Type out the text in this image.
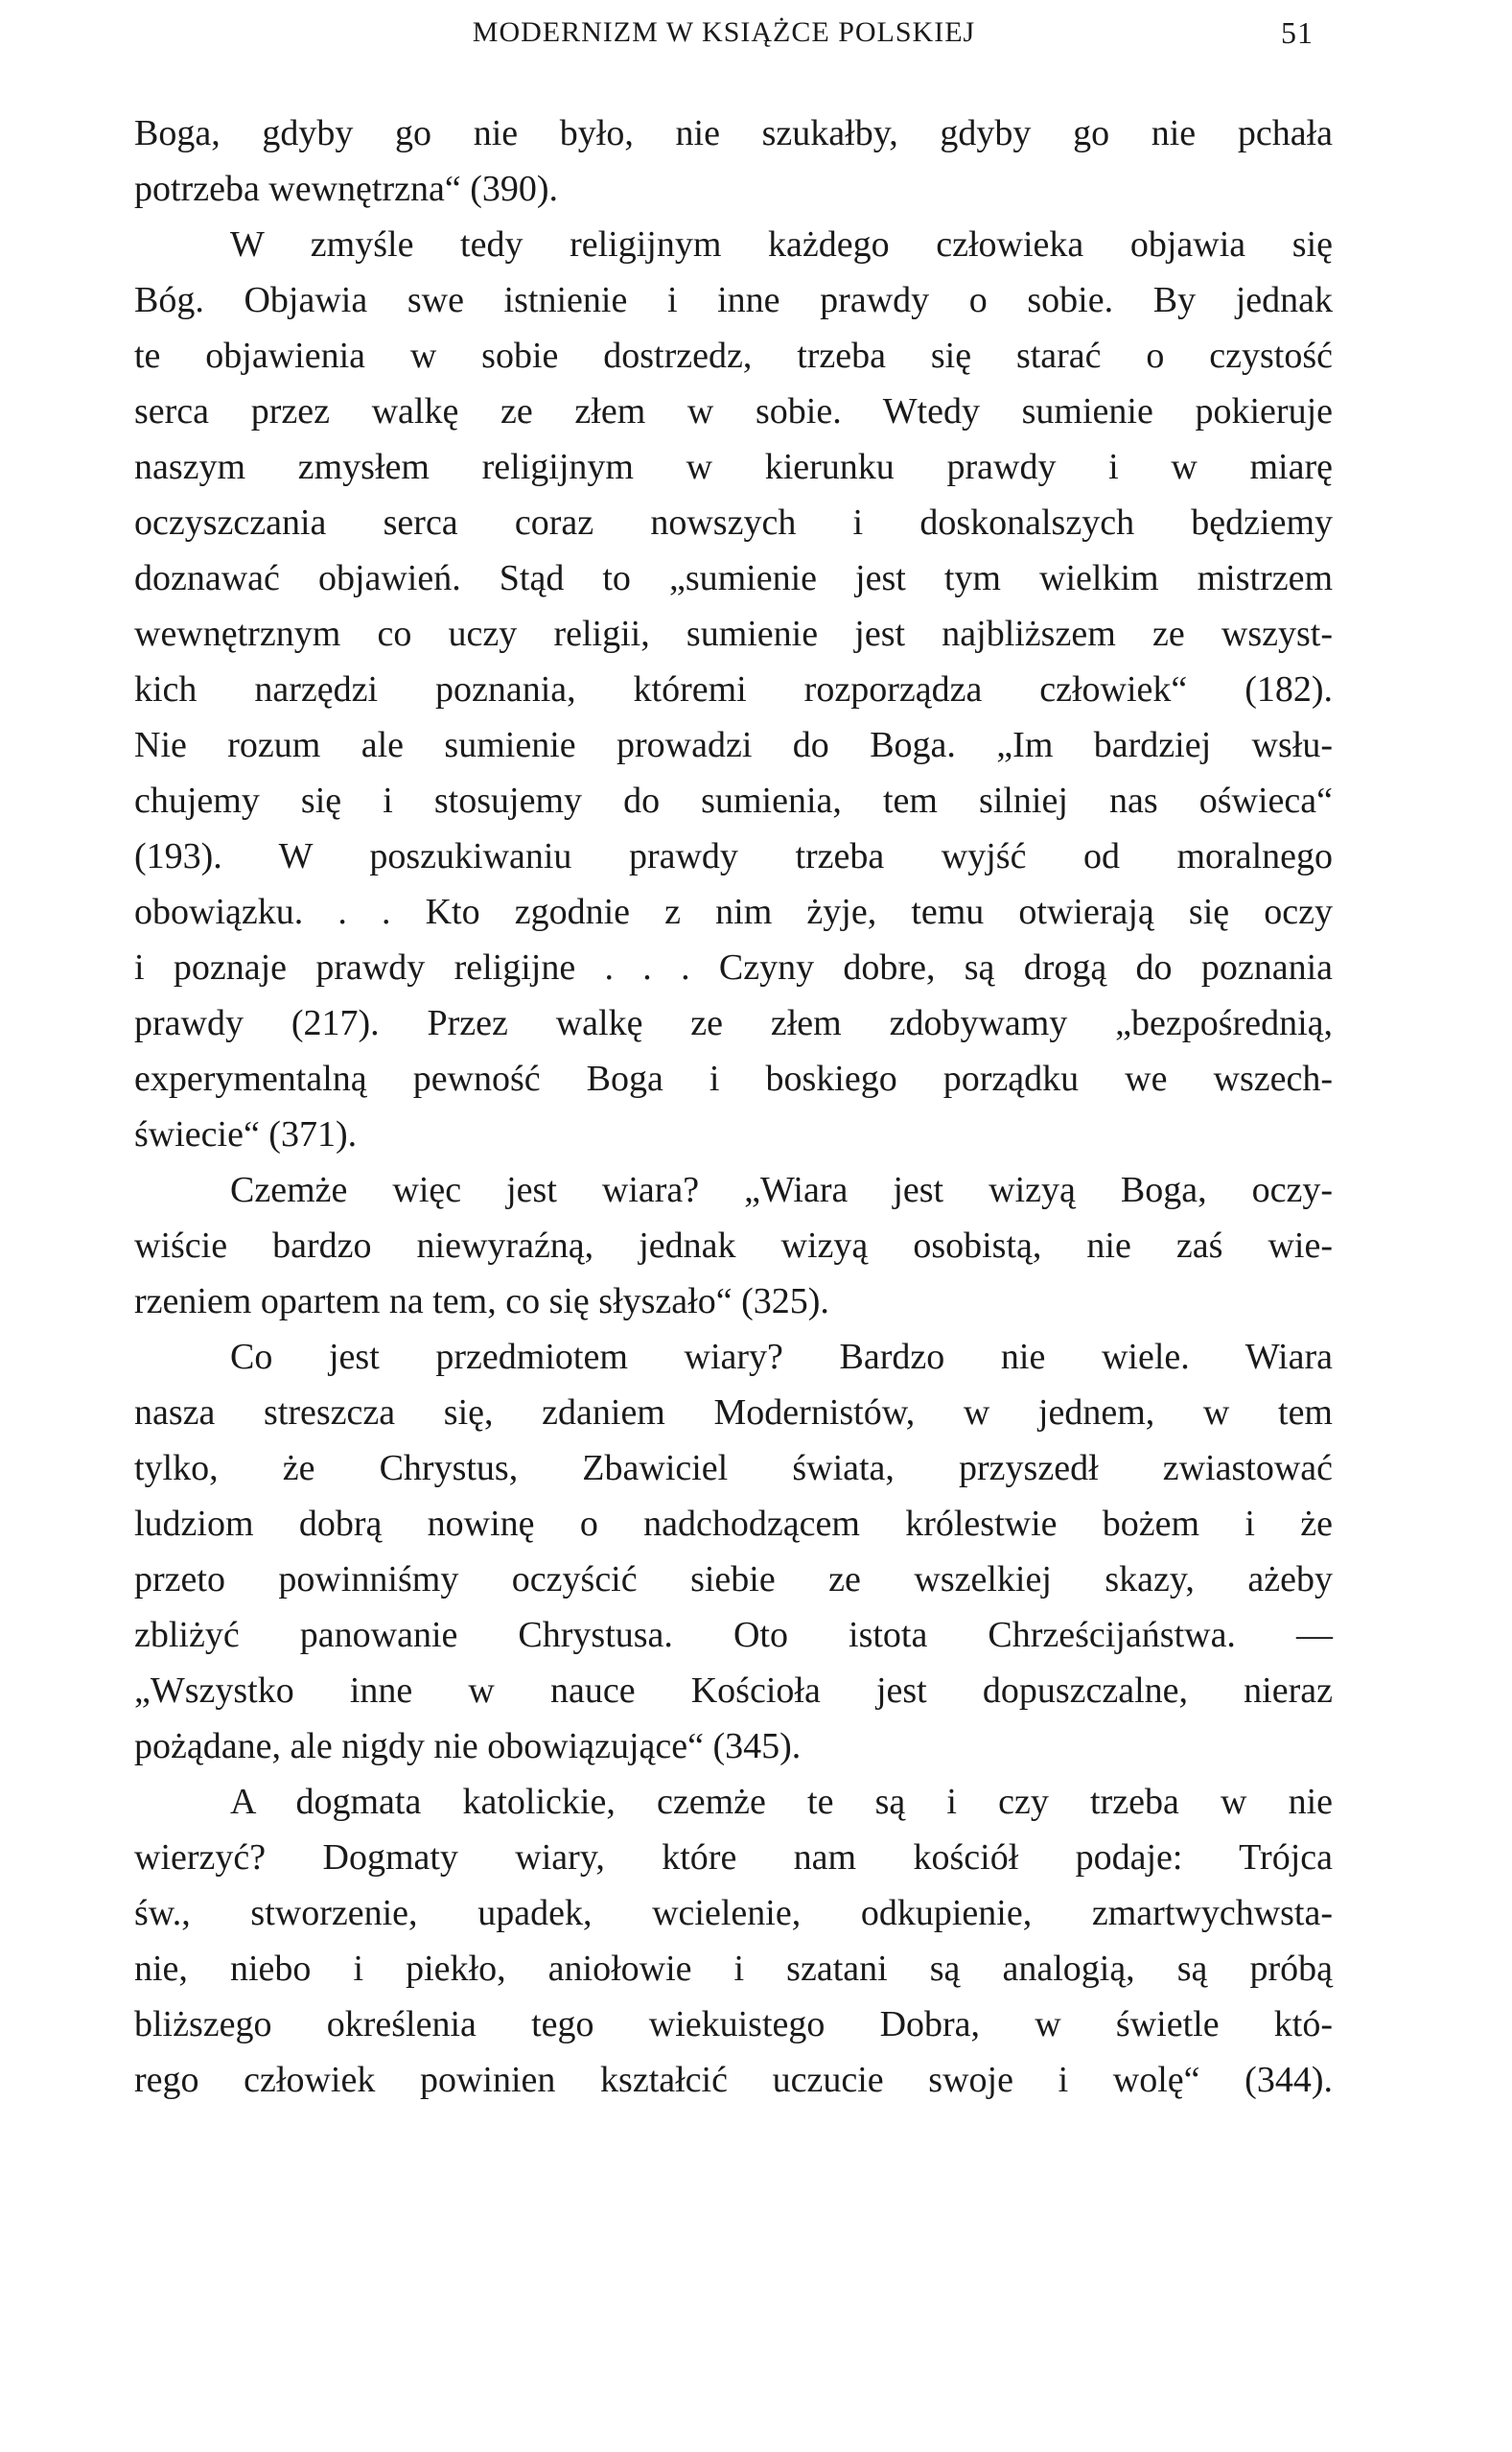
MODERNIZM W KSIĄŻCE POLSKIEJ	51
Boga, gdyby go nie było, nie szukałby, gdyby go nie pchała
potrzeba wewnętrzna“ (390).
W zmyśle tedy religijnym każdego człowieka objawia się
Bóg. Objawia swe istnienie i inne prawdy o sobie. By jednak
te objawienia w sobie dostrzedz, trzeba się starać o czystość
serca przez walkę ze złem w sobie. Wtedy sumienie pokieruje
naszym zmysłem religijnym w kierunku prawdy i w miarę
oczyszczania serca coraz nowszych i doskonalszych będziemy
doznawać objawień. Stąd to „sumienie jest tym wielkim mistrzem
wewnętrznym co uczy religii, sumienie jest najbliższem ze wszyst-
kich narzędzi poznania, któremi rozporządza człowiek“ (182).
Nie rozum ale sumienie prowadzi do Boga. „Im bardziej wsłu-
chujemy się i stosujemy do sumienia, tem silniej nas oświeca“
(193). W poszukiwaniu prawdy trzeba wyjść od moralnego
obowiązku. . . Kto zgodnie z nim żyje, temu otwierają się oczy
i poznaje prawdy religijne . . . Czyny dobre, są drogą do poznania
prawdy (217). Przez walkę ze złem zdobywamy „bezpośrednią,
experymentalną pewność Boga i boskiego porządku we wszech-
świecie“ (371).
Czemże więc jest wiara? „Wiara jest wizyą Boga, oczy-
wiście bardzo niewyraźną, jednak wizyą osobistą, nie zaś wie-
rzeniem opartem na tem, co się słyszało“ (325).
Co jest przedmiotem wiary? Bardzo nie wiele. Wiara
nasza streszcza się, zdaniem Modernistów, w jednem, w tem
tylko, że Chrystus, Zbawiciel świata, przyszedł zwiastować
ludziom dobrą nowinę o nadchodzącem królestwie bożem i że
przeto powinniśmy oczyścić siebie ze wszelkiej skazy, ażeby
zbliżyć panowanie Chrystusa. Oto istota Chrześcijaństwa. —
„Wszystko inne w nauce Kościoła jest dopuszczalne, nieraz
pożądane, ale nigdy nie obowiązujące“ (345).
A dogmata katolickie, czemże te są i czy trzeba w nie
wierzyć? Dogmaty wiary, które nam kościół podaje: Trójca
św., stworzenie, upadek, wcielenie, odkupienie, zmartwychwsta-
nie, niebo i piekło, aniołowie i szatani są analogią, są próbą
bliższego określenia tego wiekuistego Dobra, w świetle któ-
rego człowiek powinien kształcić uczucie swoje i wolę“ (344).
